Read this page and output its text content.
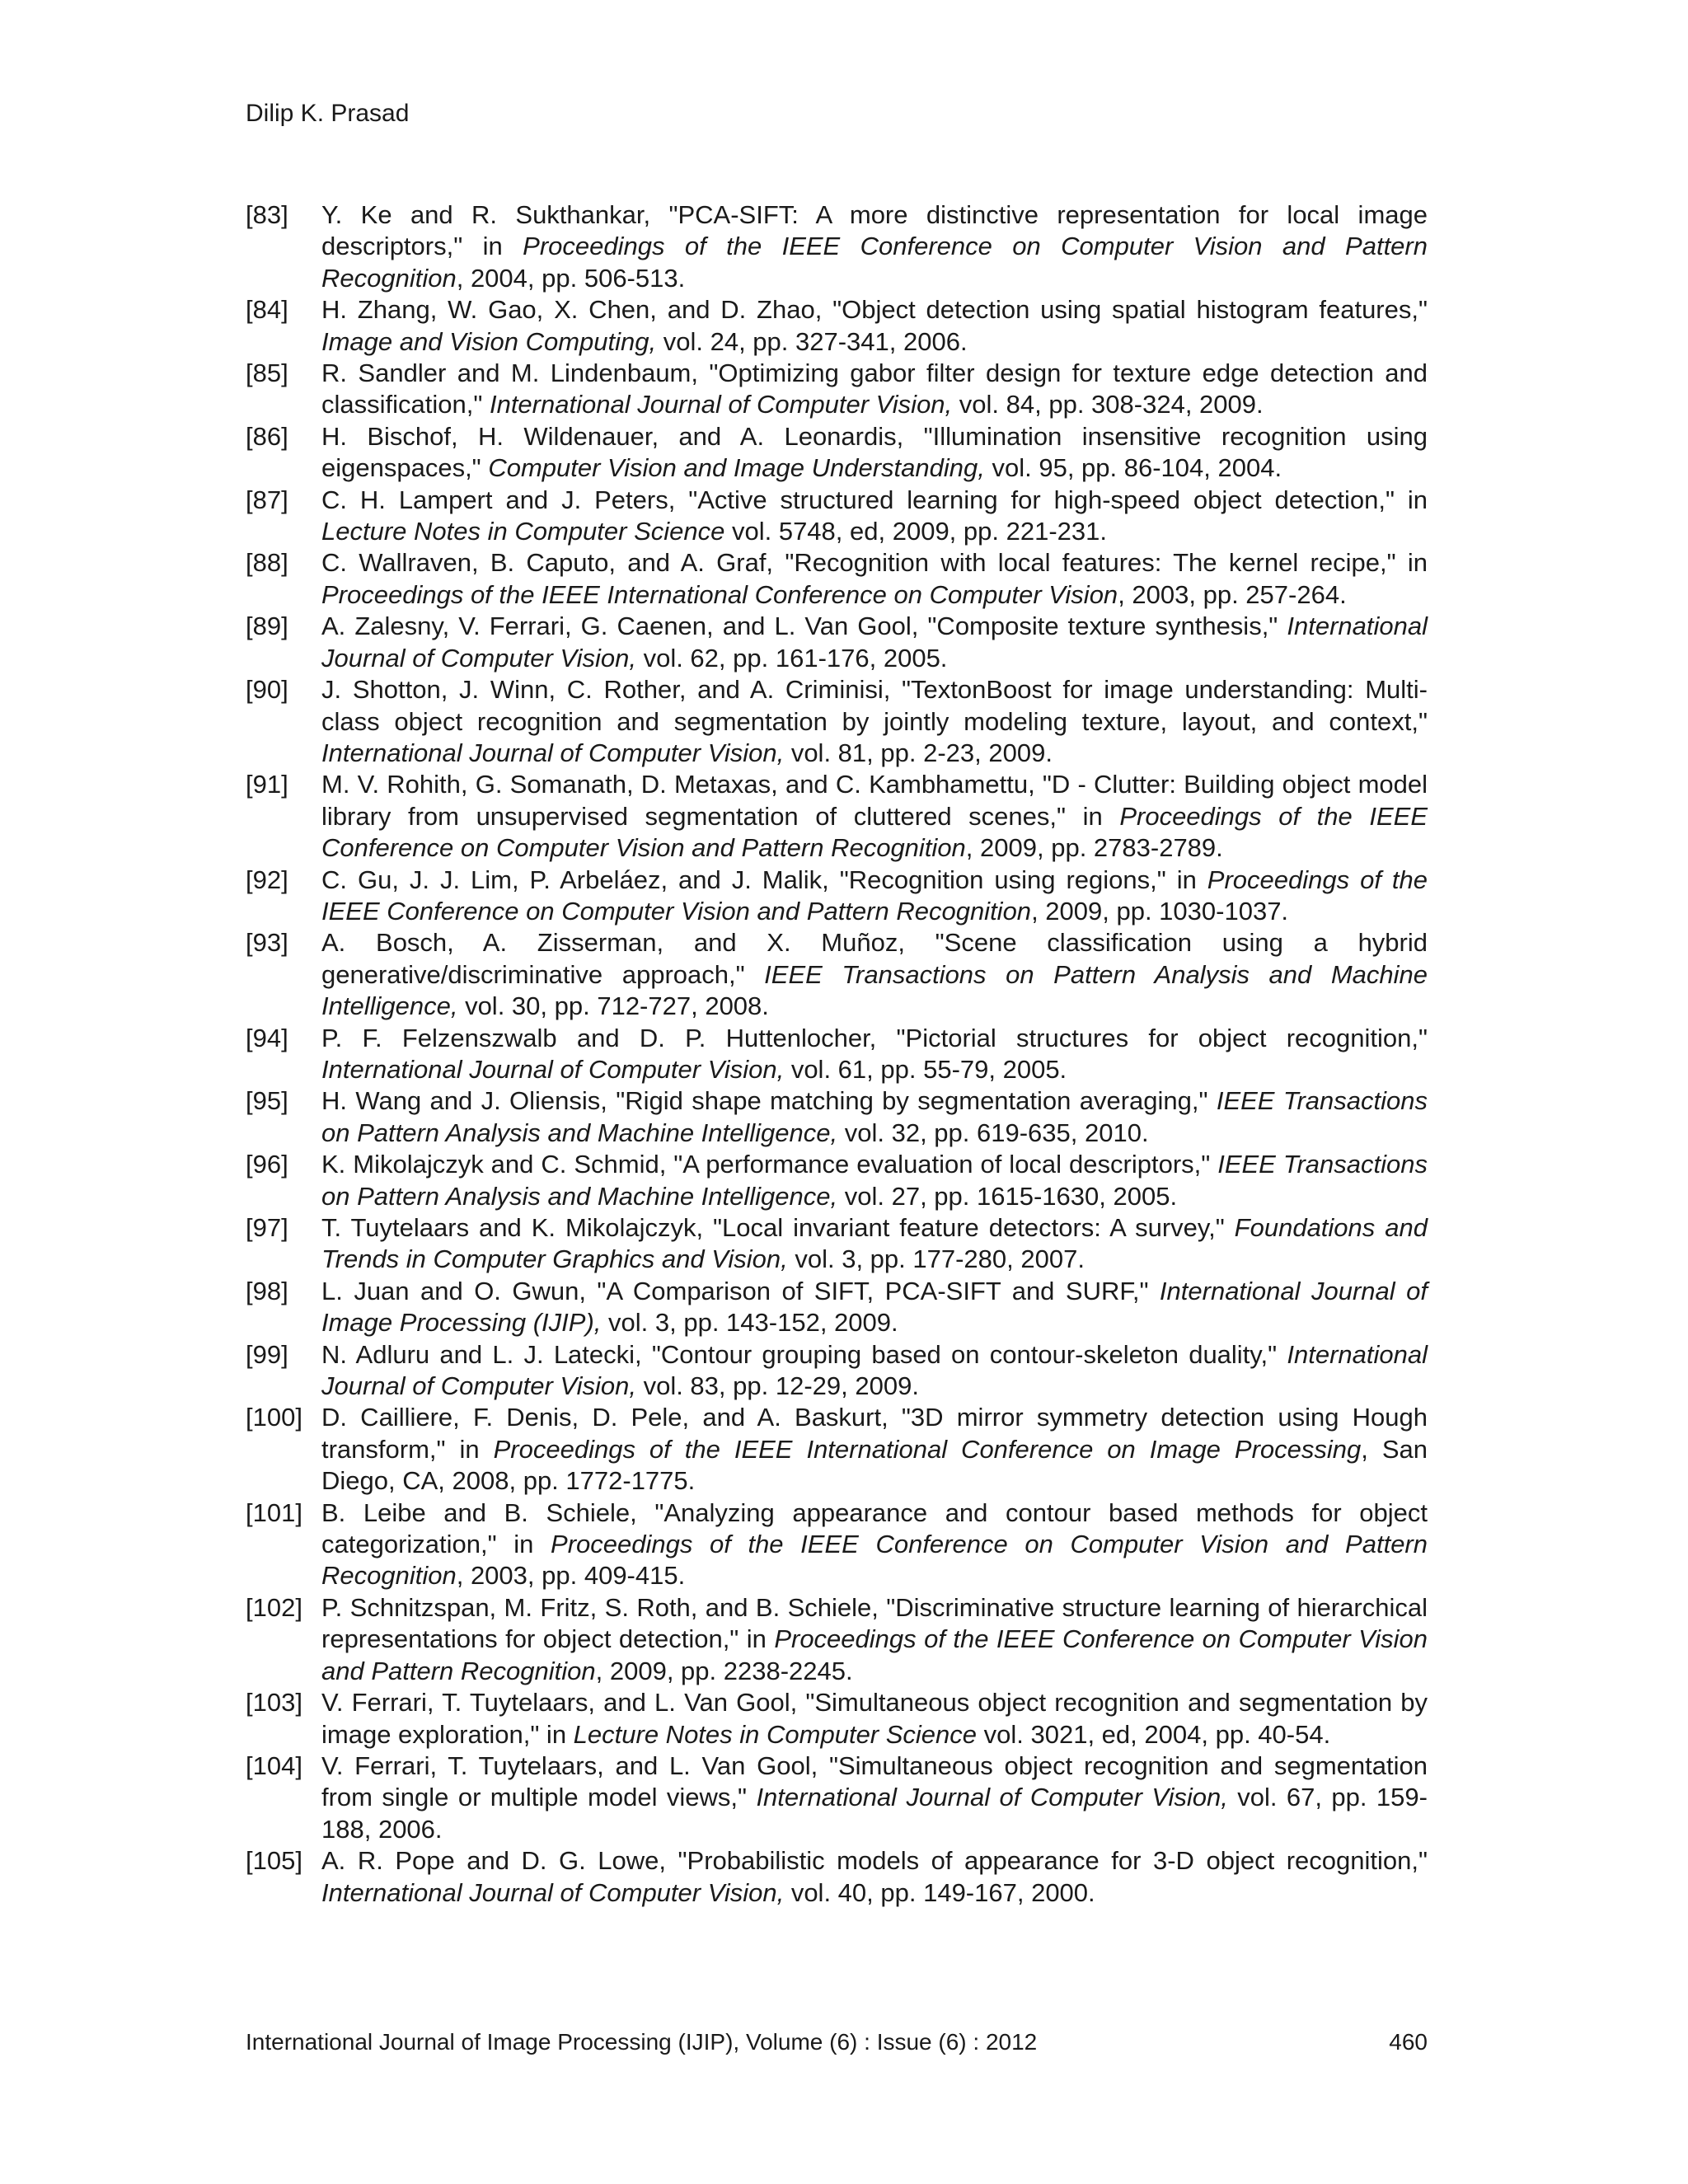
Dilip K. Prasad
[83]	Y. Ke and R. Sukthankar, "PCA-SIFT: A more distinctive representation for local image descriptors," in Proceedings of the IEEE Conference on Computer Vision and Pattern Recognition, 2004, pp. 506-513.
[84]	H. Zhang, W. Gao, X. Chen, and D. Zhao, "Object detection using spatial histogram features," Image and Vision Computing, vol. 24, pp. 327-341, 2006.
[85]	R. Sandler and M. Lindenbaum, "Optimizing gabor filter design for texture edge detection and classification," International Journal of Computer Vision, vol. 84, pp. 308-324, 2009.
[86]	H. Bischof, H. Wildenauer, and A. Leonardis, "Illumination insensitive recognition using eigenspaces," Computer Vision and Image Understanding, vol. 95, pp. 86-104, 2004.
[87]	C. H. Lampert and J. Peters, "Active structured learning for high-speed object detection," in Lecture Notes in Computer Science vol. 5748, ed, 2009, pp. 221-231.
[88]	C. Wallraven, B. Caputo, and A. Graf, "Recognition with local features: The kernel recipe," in Proceedings of the IEEE International Conference on Computer Vision, 2003, pp. 257-264.
[89]	A. Zalesny, V. Ferrari, G. Caenen, and L. Van Gool, "Composite texture synthesis," International Journal of Computer Vision, vol. 62, pp. 161-176, 2005.
[90]	J. Shotton, J. Winn, C. Rother, and A. Criminisi, "TextonBoost for image understanding: Multi-class object recognition and segmentation by jointly modeling texture, layout, and context," International Journal of Computer Vision, vol. 81, pp. 2-23, 2009.
[91]	M. V. Rohith, G. Somanath, D. Metaxas, and C. Kambhamettu, "D - Clutter: Building object model library from unsupervised segmentation of cluttered scenes," in Proceedings of the IEEE Conference on Computer Vision and Pattern Recognition, 2009, pp. 2783-2789.
[92]	C. Gu, J. J. Lim, P. Arbeláez, and J. Malik, "Recognition using regions," in Proceedings of the IEEE Conference on Computer Vision and Pattern Recognition, 2009, pp. 1030-1037.
[93]	A. Bosch, A. Zisserman, and X. Muñoz, "Scene classification using a hybrid generative/discriminative approach," IEEE Transactions on Pattern Analysis and Machine Intelligence, vol. 30, pp. 712-727, 2008.
[94]	P. F. Felzenszwalb and D. P. Huttenlocher, "Pictorial structures for object recognition," International Journal of Computer Vision, vol. 61, pp. 55-79, 2005.
[95]	H. Wang and J. Oliensis, "Rigid shape matching by segmentation averaging," IEEE Transactions on Pattern Analysis and Machine Intelligence, vol. 32, pp. 619-635, 2010.
[96]	K. Mikolajczyk and C. Schmid, "A performance evaluation of local descriptors," IEEE Transactions on Pattern Analysis and Machine Intelligence, vol. 27, pp. 1615-1630, 2005.
[97]	T. Tuytelaars and K. Mikolajczyk, "Local invariant feature detectors: A survey," Foundations and Trends in Computer Graphics and Vision, vol. 3, pp. 177-280, 2007.
[98]	L. Juan and O. Gwun, "A Comparison of SIFT, PCA-SIFT and SURF," International Journal of Image Processing (IJIP), vol. 3, pp. 143-152, 2009.
[99]	N. Adluru and L. J. Latecki, "Contour grouping based on contour-skeleton duality," International Journal of Computer Vision, vol. 83, pp. 12-29, 2009.
[100] D. Cailliere, F. Denis, D. Pele, and A. Baskurt, "3D mirror symmetry detection using Hough transform," in Proceedings of the IEEE International Conference on Image Processing, San Diego, CA, 2008, pp. 1772-1775.
[101] B. Leibe and B. Schiele, "Analyzing appearance and contour based methods for object categorization," in Proceedings of the IEEE Conference on Computer Vision and Pattern Recognition, 2003, pp. 409-415.
[102] P. Schnitzspan, M. Fritz, S. Roth, and B. Schiele, "Discriminative structure learning of hierarchical representations for object detection," in Proceedings of the IEEE Conference on Computer Vision and Pattern Recognition, 2009, pp. 2238-2245.
[103] V. Ferrari, T. Tuytelaars, and L. Van Gool, "Simultaneous object recognition and segmentation by image exploration," in Lecture Notes in Computer Science vol. 3021, ed, 2004, pp. 40-54.
[104] V. Ferrari, T. Tuytelaars, and L. Van Gool, "Simultaneous object recognition and segmentation from single or multiple model views," International Journal of Computer Vision, vol. 67, pp. 159-188, 2006.
[105] A. R. Pope and D. G. Lowe, "Probabilistic models of appearance for 3-D object recognition," International Journal of Computer Vision, vol. 40, pp. 149-167, 2000.
International Journal of Image Processing (IJIP), Volume (6) : Issue (6) : 2012	460
